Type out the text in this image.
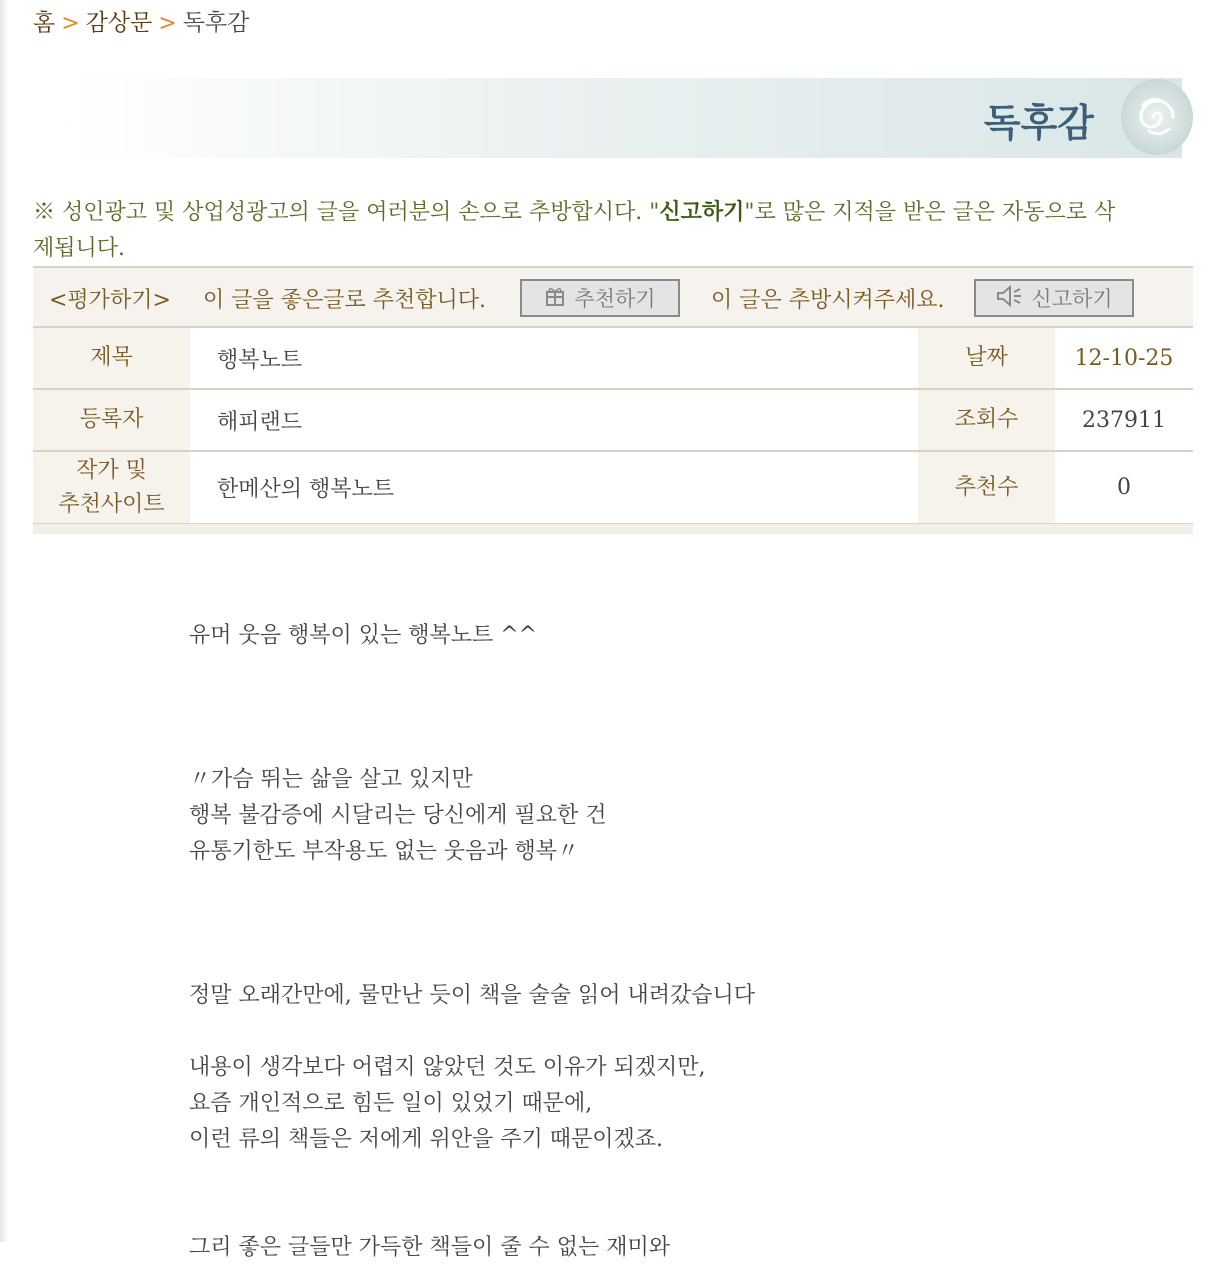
홈 > 감상문 > 독후감
독후감
※ 성인광고 및 상업성광고의 글을 여러분의 손으로 추방합시다. "신고하기"로 많은 지적을 받은 글은 자동으로 삭제됩니다.
<평가하기> 이 글을 좋은글로 추천합니다.	추천하기	이 글은 추방시켜주세요.	신고하기
제목	행복노트	날짜	12-10-25
등록자	해피랜드	조회수	237911

작가 및
추천사이트	한메산의 행복노트	추천수	0

유머 웃음 행복이 있는 행복노트 ^^

〃가슴 뛰는 삶을 살고 있지만

행복 불감증에 시달리는 당신에게 필요한 건

유통기한도 부작용도 없는 웃음과 행복〃

정말 오래간만에, 물만난 듯이 책을 술술 읽어 내려갔습니다

내용이 생각보다 어렵지 않았던 것도 이유가 되겠지만,

요즘 개인적으로 힘든 일이 있었기 때문에,

이런 류의 책들은 저에게 위안을 주기 때문이겠죠.

그리 좋은 글들만 가득한 책들이 줄 수 없는 재미와
